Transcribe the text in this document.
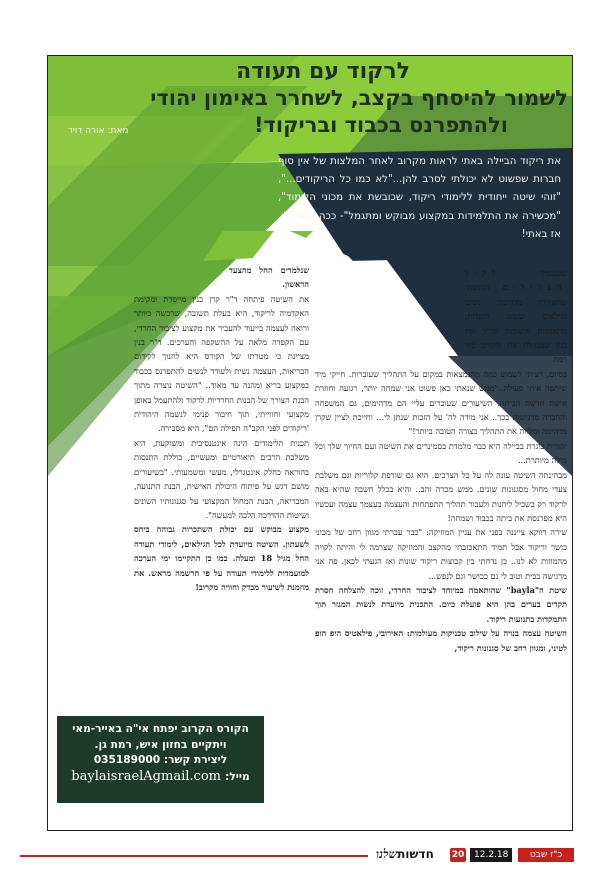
לרקוד עם תעודה
לשמור להיסחף בקצב, לשחרר באימון יהודי
ולהתפרנס בכבוד ובריקוד!
מאת: אורה דויד
את ריקוד הביילה באתי לראות מקרוב לאחר המלצות של אין סוף חברות שפשוט לא יכולתי לסרב להן..."לא כמו כל הריקודים...", "זוהי שיטה ייחודית ללימודי ריקוד, שכובשת את מכוני הלימוד", "מכשירה את התלמידות במקצוע מבוקש ומתגמל"- ככה אמרו לי. אז באתי!

שנכנסתי לקול הצלילים הרגשתי שהאווירה מדהימה. נשים בגילאים שונים רוקדות, מתאמנות וקשובות לד"ר קרן בנין שמנהלת את הקורס ביד רמה.

בסיום, רציתי לשמוע כמה מהנמצאות במקום על התהליך שעוברות. חייקי מיד שיתפה איתי פעולה.."ממש שנאתי כאן פשוט אני שמחה יותר, רגועה וחוזרת אישה חדשה הביתה. השיעורים שעוברים עליי הם מדהימים, גם המשפחה והחברה מרגישות בכך.. אני מודה לה' על הזכות שנתן לי... וחייכת לציין שקרן מדהימה ומלווה את התהליך בצורה הטובה ביותר!"

יהודית בוגרת בביילה היא כבר מלמדת בסמינרים את השיטה ועם החיוך שלך וכל מילה מיותרת...

מבחינתה השיטה עונה לה על כל הצרכים. היא גם שורפת קלוריות וגם משלבת צעדי מחול מסגנונות שונים. ממש מכרה זהב.. והיא בכלל חשבה שהיא באה לרקוד רק בשביל ליהנות ולעבור תהליך התפתחות והעצמה בעצמך עצמה ועכשיו היא מפרנסת את ביתה בכבוד ושמחה!

שירה דווקא צייננה בפני את עניין המוזיקה: "כבר עברתי מגוון רחב של מכוני כושר וריקוד אבל תמיד התאכזבתי מהקצב והמוזיקה שצרמה לי והיתה לקויה מהמוזות לא לנו.. כן נדחתי בין קבוצות ריקוד שונות ואז הגעתי לכאן. פה אני מרגישה בבית וטוב לי גם ככושר וגם לנפש...

שיטת ה"bayla" שהותאמה במיוחד לציבור החרדי, זוכה להצלחה חסרת תקדים בערים בהן היא פועלת כיום. התכנית מיועדת לנשות המגזר תוך התמקדות בתנועות ריקוד.

השיטה עצמה בנויה על שילוב טכניקות מעולמות: האירובי, פילאטיס היפ הופ לטיני, ומגוון רחב של סגנונות ריקוד,

שנלמדים החל מהצעד הראשון.

את השיטה פיתחה ד"ר קרן בנין מייסדת ומקימת האקדמיה לריקוד, היא בעלת תשובה, שרכשה ביותר ורואה לעצמה כייעוד להעביר את מקצוע לציבור החרדי, עם הקפדה מלאה על ההשקפה והערכים. ד"ר בנין מציינת כי מטרתו של הקורס היא לחנוך לקידום הבריאות, העצמה נשית ולעודד לנשים להתפרנס בכבוד במקצוע בריא ומהנה עד מאוד.. "השיטה נוצרה מתוך הבנת הצורך של הבנות החרדיות לרקוד ולהתעמל באופן מקצועי וחווייתי, תוך חיבור פנימי לנשמה היהודית 'ריקודים לפני הקב"ה תפילה הם", היא מסבירה.

תכנית הלימודים הינה אינטנסיבית ומשוקעת, היא משלבת הרבים תיאורטיים ומעשיים, כוללת התנסות בהוראה כחלק אינטגרלי, מעשי ומשמעותי. "בשיעורים מושם דגש על פיתוח היכולת האישית, הבנת התנועה, המבריאה, הבנת המחול המקצועי על סגנונותיו השונים ושיטות ההדרכה הלכה למעשה".

מקצוע מבוקש עם יכולת השתכרות גבוהה ביחס לשעתון. השיטה מיועדת לכל הגילאים, לימודי תעודה החל מגיל 18 ומעלה. כמו כן התקיימו ימי הערכה למועמדות ללימודי תעודה על פי הרשמה מראש. את מוזמנת לשיעור מבדק וחוויה מקרוב!

הקורס הקרוב יפתח אי"ה באייר-מאי
ויתקיים בחזון איש, רמת גן.
ליצירת קשר: 035189000
מייל: baylaisraelAgmail.com
חדשותשלנו	20	12.2.18	כ"ז שבט
